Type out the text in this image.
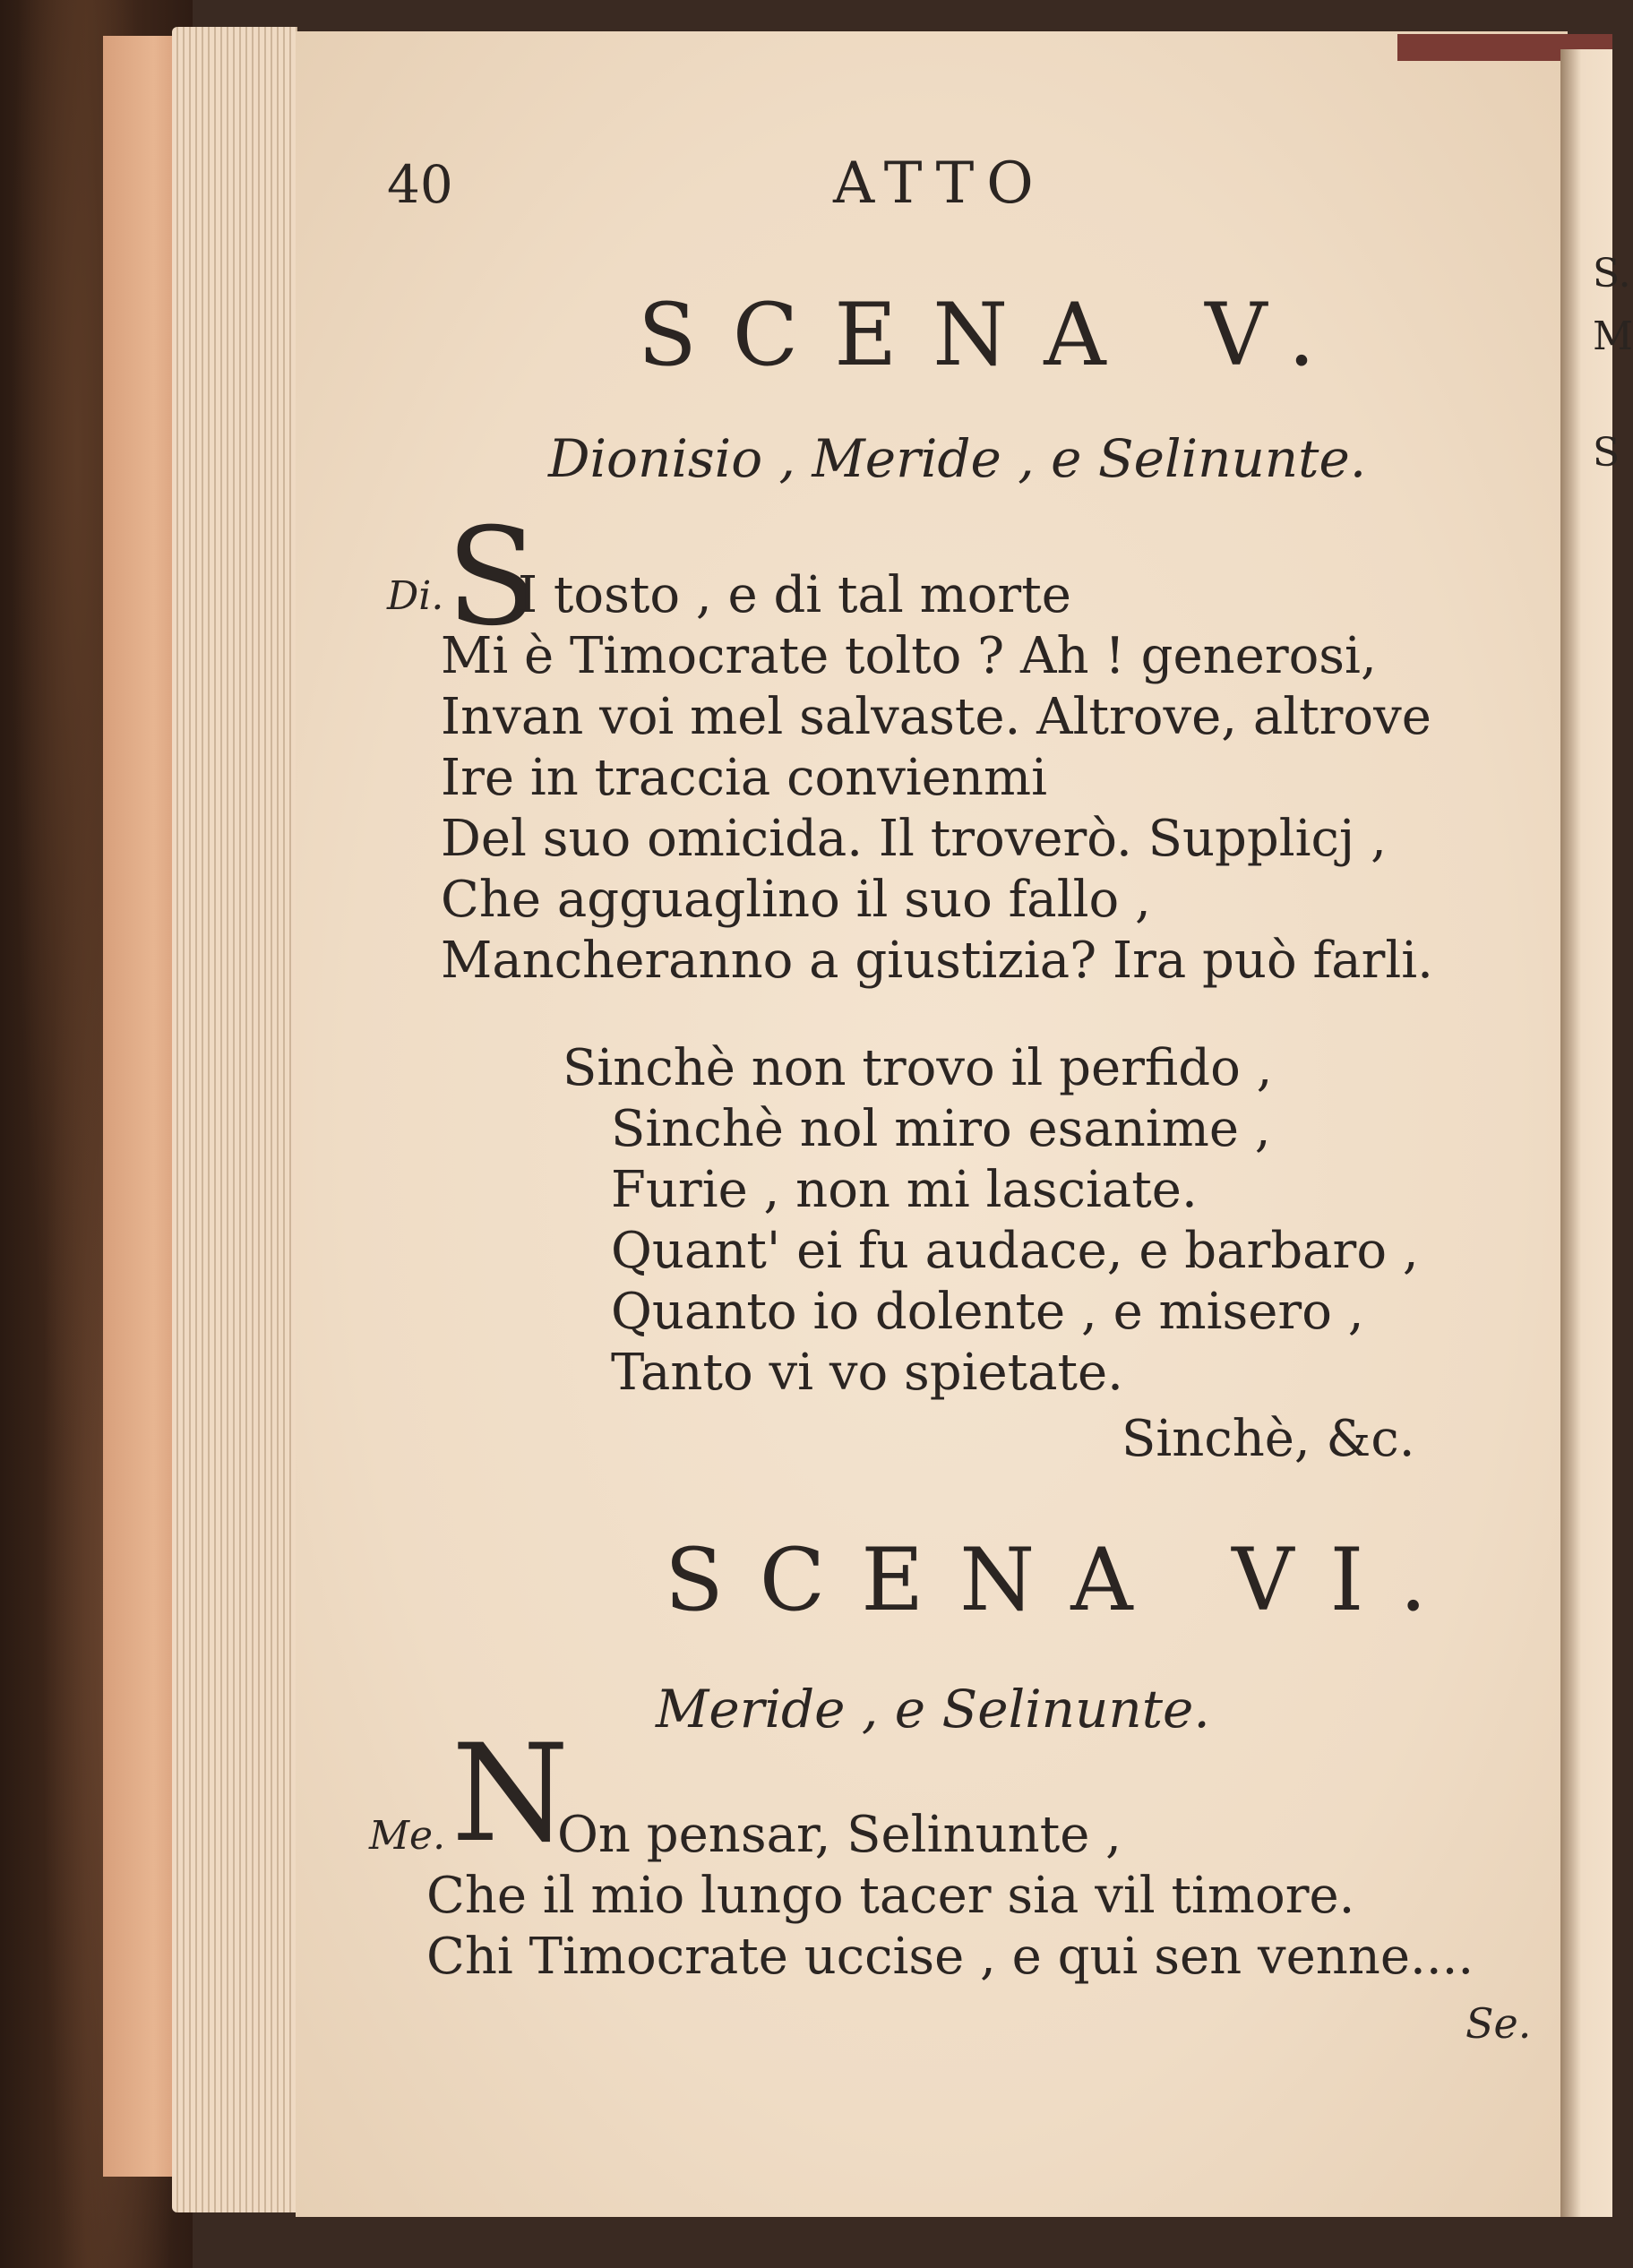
S.
M
S
40	ATTO
SCENA V.
Dionisio , Meride , e Selinunte.
Di. S
I tosto , e di tal morte
Mi è Timocrate tolto ? Ah ! generosi,
Invan voi mel salvaste. Altrove, altrove
Ire in traccia convienmi
Del suo omicida. Il troverò. Supplicj ,
Che agguaglino il suo fallo ,
Mancheranno a giustizia? Ira può farli.
Sinchè non trovo il perfido ,
Sinchè nol miro esanime ,
Furie , non mi lasciate.
Quant' ei fu audace, e barbaro ,
Quanto io dolente , e misero ,
Tanto vi vo spietate.
Sinchè, &c.
SCENA VI.
Meride , e Selinunte.
Me. N
On pensar, Selinunte ,
Che il mio lungo tacer sia vil timore.
Chi Timocrate uccise , e qui sen venne....
Se.
